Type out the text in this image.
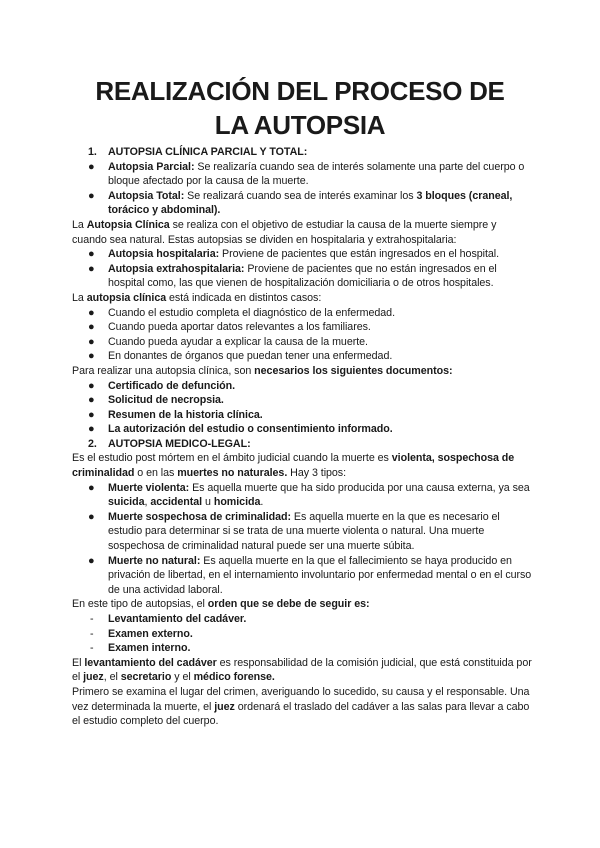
REALIZACIÓN DEL PROCESO DE
LA AUTOPSIA
1. AUTOPSIA CLÍNICA PARCIAL Y TOTAL:
● Autopsia Parcial: Se realizaría cuando sea de interés solamente una parte del cuerpo o bloque afectado por la causa de la muerte.
● Autopsia Total: Se realizará cuando sea de interés examinar los 3 bloques (craneal, torácico y abdominal).

La Autopsia Clínica se realiza con el objetivo de estudiar la causa de la muerte siempre y cuando sea natural. Estas autopsias se dividen en hospitalaria y extrahospitalaria:

● Autopsia hospitalaria: Proviene de pacientes que están ingresados en el hospital.
● Autopsia extrahospitalaria: Proviene de pacientes que no están ingresados en el hospital como, las que vienen de hospitalización domiciliaria o de otros hospitales.

La autopsia clínica está indicada en distintos casos:

● Cuando el estudio completa el diagnóstico de la enfermedad.
● Cuando pueda aportar datos relevantes a los familiares.
● Cuando pueda ayudar a explicar la causa de la muerte.
● En donantes de órganos que puedan tener una enfermedad.

Para realizar una autopsia clínica, son necesarios los siguientes documentos:

● Certificado de defunción.
● Solicitud de necropsia.
● Resumen de la historia clínica.
● La autorización del estudio o consentimiento informado.
2. AUTOPSIA MEDICO-LEGAL:

Es el estudio post mórtem en el ámbito judicial cuando la muerte es violenta, sospechosa de criminalidad o en las muertes no naturales. Hay 3 tipos:

● Muerte violenta: Es aquella muerte que ha sido producida por una causa externa, ya sea suicida, accidental u homicida.
● Muerte sospechosa de criminalidad: Es aquella muerte en la que es necesario el estudio para determinar si se trata de una muerte violenta o natural. Una muerte sospechosa de criminalidad natural puede ser una muerte súbita.
● Muerte no natural: Es aquella muerte en la que el fallecimiento se haya producido en privación de libertad, en el internamiento involuntario por enfermedad mental o en el curso de una actividad laboral.

En este tipo de autopsias, el orden que se debe de seguir es:

- Levantamiento del cadáver.
- Examen externo.
- Examen interno.

El levantamiento del cadáver es responsabilidad de la comisión judicial, que está constituida por el juez, el secretario y el médico forense.

Primero se examina el lugar del crimen, averiguando lo sucedido, su causa y el responsable. Una vez determinada la muerte, el juez ordenará el traslado del cadáver a las salas para llevar a cabo el estudio completo del cuerpo.
